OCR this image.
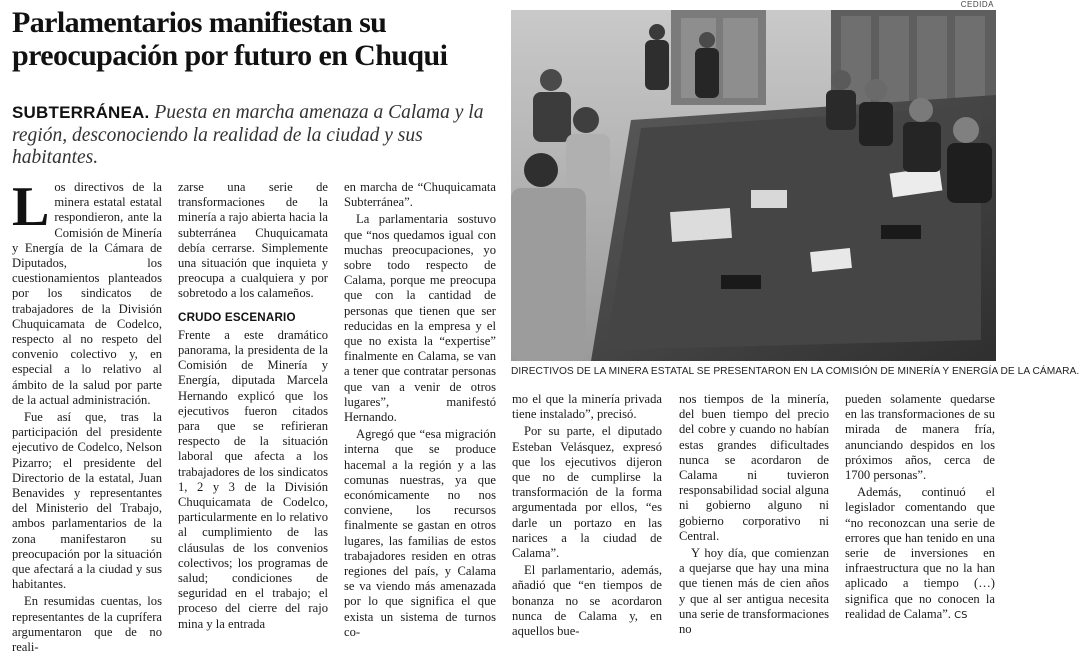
CEDIDA
Parlamentarios manifiestan su preocupación por futuro en Chuqui
SUBTERRÁNEA. Puesta en marcha amenaza a Calama y la región, desconociendo la realidad de la ciudad y sus habitantes.
L os directivos de la minera estatal estatal respondieron, ante la Comisión de Minería y Energía de la Cámara de Diputados, los cuestionamientos planteados por los sindicatos de trabajadores de la División Chuquicamata de Codelco, respecto al no respeto del convenio colectivo y, en especial a lo relativo al ámbito de la salud por parte de la actual administración.

Fue así que, tras la participación del presidente ejecutivo de Codelco, Nelson Pizarro; el presidente del Directorio de la estatal, Juan Benavides y representantes del Ministerio del Trabajo, ambos parlamentarios de la zona manifestaron su preocupación por la situación que afectará a la ciudad y sus habitantes.

En resumidas cuentas, los representantes de la cuprífera argumentaron que de no reali-

zarse una serie de transformaciones de la minería a rajo abierta hacia la subterránea Chuquicamata debía cerrarse. Simplemente una situación que inquieta y preocupa a cualquiera y por sobretodo a los calameños.

CRUDO ESCENARIO

Frente a este dramático panorama, la presidenta de la Comisión de Minería y Energía, diputada Marcela Hernando explicó que los ejecutivos fueron citados para que se refirieran respecto de la situación laboral que afecta a los trabajadores de los sindicatos 1, 2 y 3 de la División Chuquicamata de Codelco, particularmente en lo relativo al cumplimiento de las cláusulas de los convenios colectivos; los programas de salud; condiciones de seguridad en el trabajo; el proceso del cierre del rajo mina y la entrada

en marcha de “Chuquicamata Subterránea”.

La parlamentaria sostuvo que “nos quedamos igual con muchas preocupaciones, yo sobre todo respecto de Calama, porque me preocupa que con la cantidad de personas que tienen que ser reducidas en la empresa y el que no exista la “expertise” finalmente en Calama, se van a tener que contratar personas que van a venir de otros lugares”, manifestó Hernando.

Agregó que “esa migración interna que se produce hacemal a la región y a las comunas nuestras, ya que económicamente no nos conviene, los recursos finalmente se gastan en otros lugares, las familias de estos trabajadores residen en otras regiones del país, y Calama se va viendo más amenazada por lo que significa el que exista un sistema de turnos co-

DIRECTIVOS DE LA MINERA ESTATAL SE PRESENTARON EN LA COMISIÓN DE MINERÍA Y ENERGÍA DE LA CÁMARA.

mo el que la minería privada tiene instalado”, precisó.

Por su parte, el diputado Esteban Velásquez, expresó que los ejecutivos dijeron que no de cumplirse la transformación de la forma argumentada por ellos, “es darle un portazo en las narices a la ciudad de Calama”.

El parlamentario, además, añadió que “en tiempos de bonanza no se acordaron nunca de Calama y, en aquellos bue-

nos tiempos de la minería, del buen tiempo del precio del cobre y cuando no habían estas grandes dificultades nunca se acordaron de Calama ni tuvieron responsabilidad social alguna ni gobierno alguno ni gobierno corporativo ni Central.

Y hoy día, que comienzan a quejarse que hay una mina que tienen más de cien años y que al ser antigua necesita una serie de transformaciones no

pueden solamente quedarse en las transformaciones de su mirada de manera fría, anunciando despidos en los próximos años, cerca de 1700 personas”.

Además, continuó el legislador comentando que “no reconozcan una serie de errores que han tenido en una serie de inversiones en infraestructura que no la han aplicado a tiempo (…) significa que no conocen la realidad de Calama”. CS
